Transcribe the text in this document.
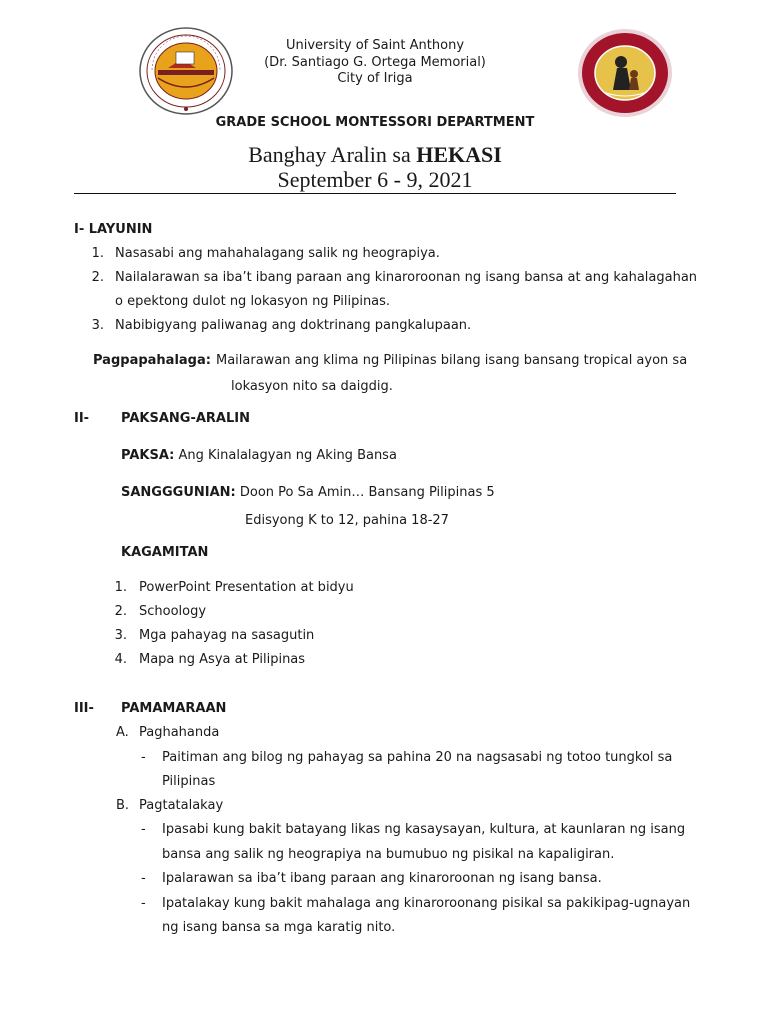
University of Saint Anthony
(Dr. Santiago G. Ortega Memorial)
City of Iriga
GRADE SCHOOL MONTESSORI DEPARTMENT
Banghay Aralin sa HEKASI
September 6 - 9, 2021
I- LAYUNIN
1. Nasasabi ang mahahalagang salik ng heograpiya.
2. Nailalarawan sa iba’t ibang paraan ang kinaroroonan ng isang bansa at ang kahalagahan
o epektong dulot ng lokasyon ng Pilipinas.
3. Nabibigyang paliwanag ang doktrinang pangkalupaan.
Pagpapahalaga: Mailarawan ang klima ng Pilipinas bilang isang bansang tropical ayon sa
lokasyon nito sa daigdig.
II- PAKSANG-ARALIN
PAKSA: Ang Kinalalagyan ng Aking Bansa
SANGGGUNIAN: Doon Po Sa Amin… Bansang Pilipinas 5
Edisyong K to 12, pahina 18-27
KAGAMITAN
1. PowerPoint Presentation at bidyu
2. Schoology
3. Mga pahayag na sasagutin
4. Mapa ng Asya at Pilipinas
III- PAMAMARAAN
A. Paghahanda
- Paitiman ang bilog ng pahayag sa pahina 20 na nagsasabi ng totoo tungkol sa
Pilipinas
B. Pagtatalakay
- Ipasabi kung bakit batayang likas ng kasaysayan, kultura, at kaunlaran ng isang
bansa ang salik ng heograpiya na bumubuo ng pisikal na kapaligiran.
- Ipalarawan sa iba’t ibang paraan ang kinaroroonan ng isang bansa.
- Ipatalakay kung bakit mahalaga ang kinaroroonang pisikal sa pakikipag-ugnayan
ng isang bansa sa mga karatig nito.
